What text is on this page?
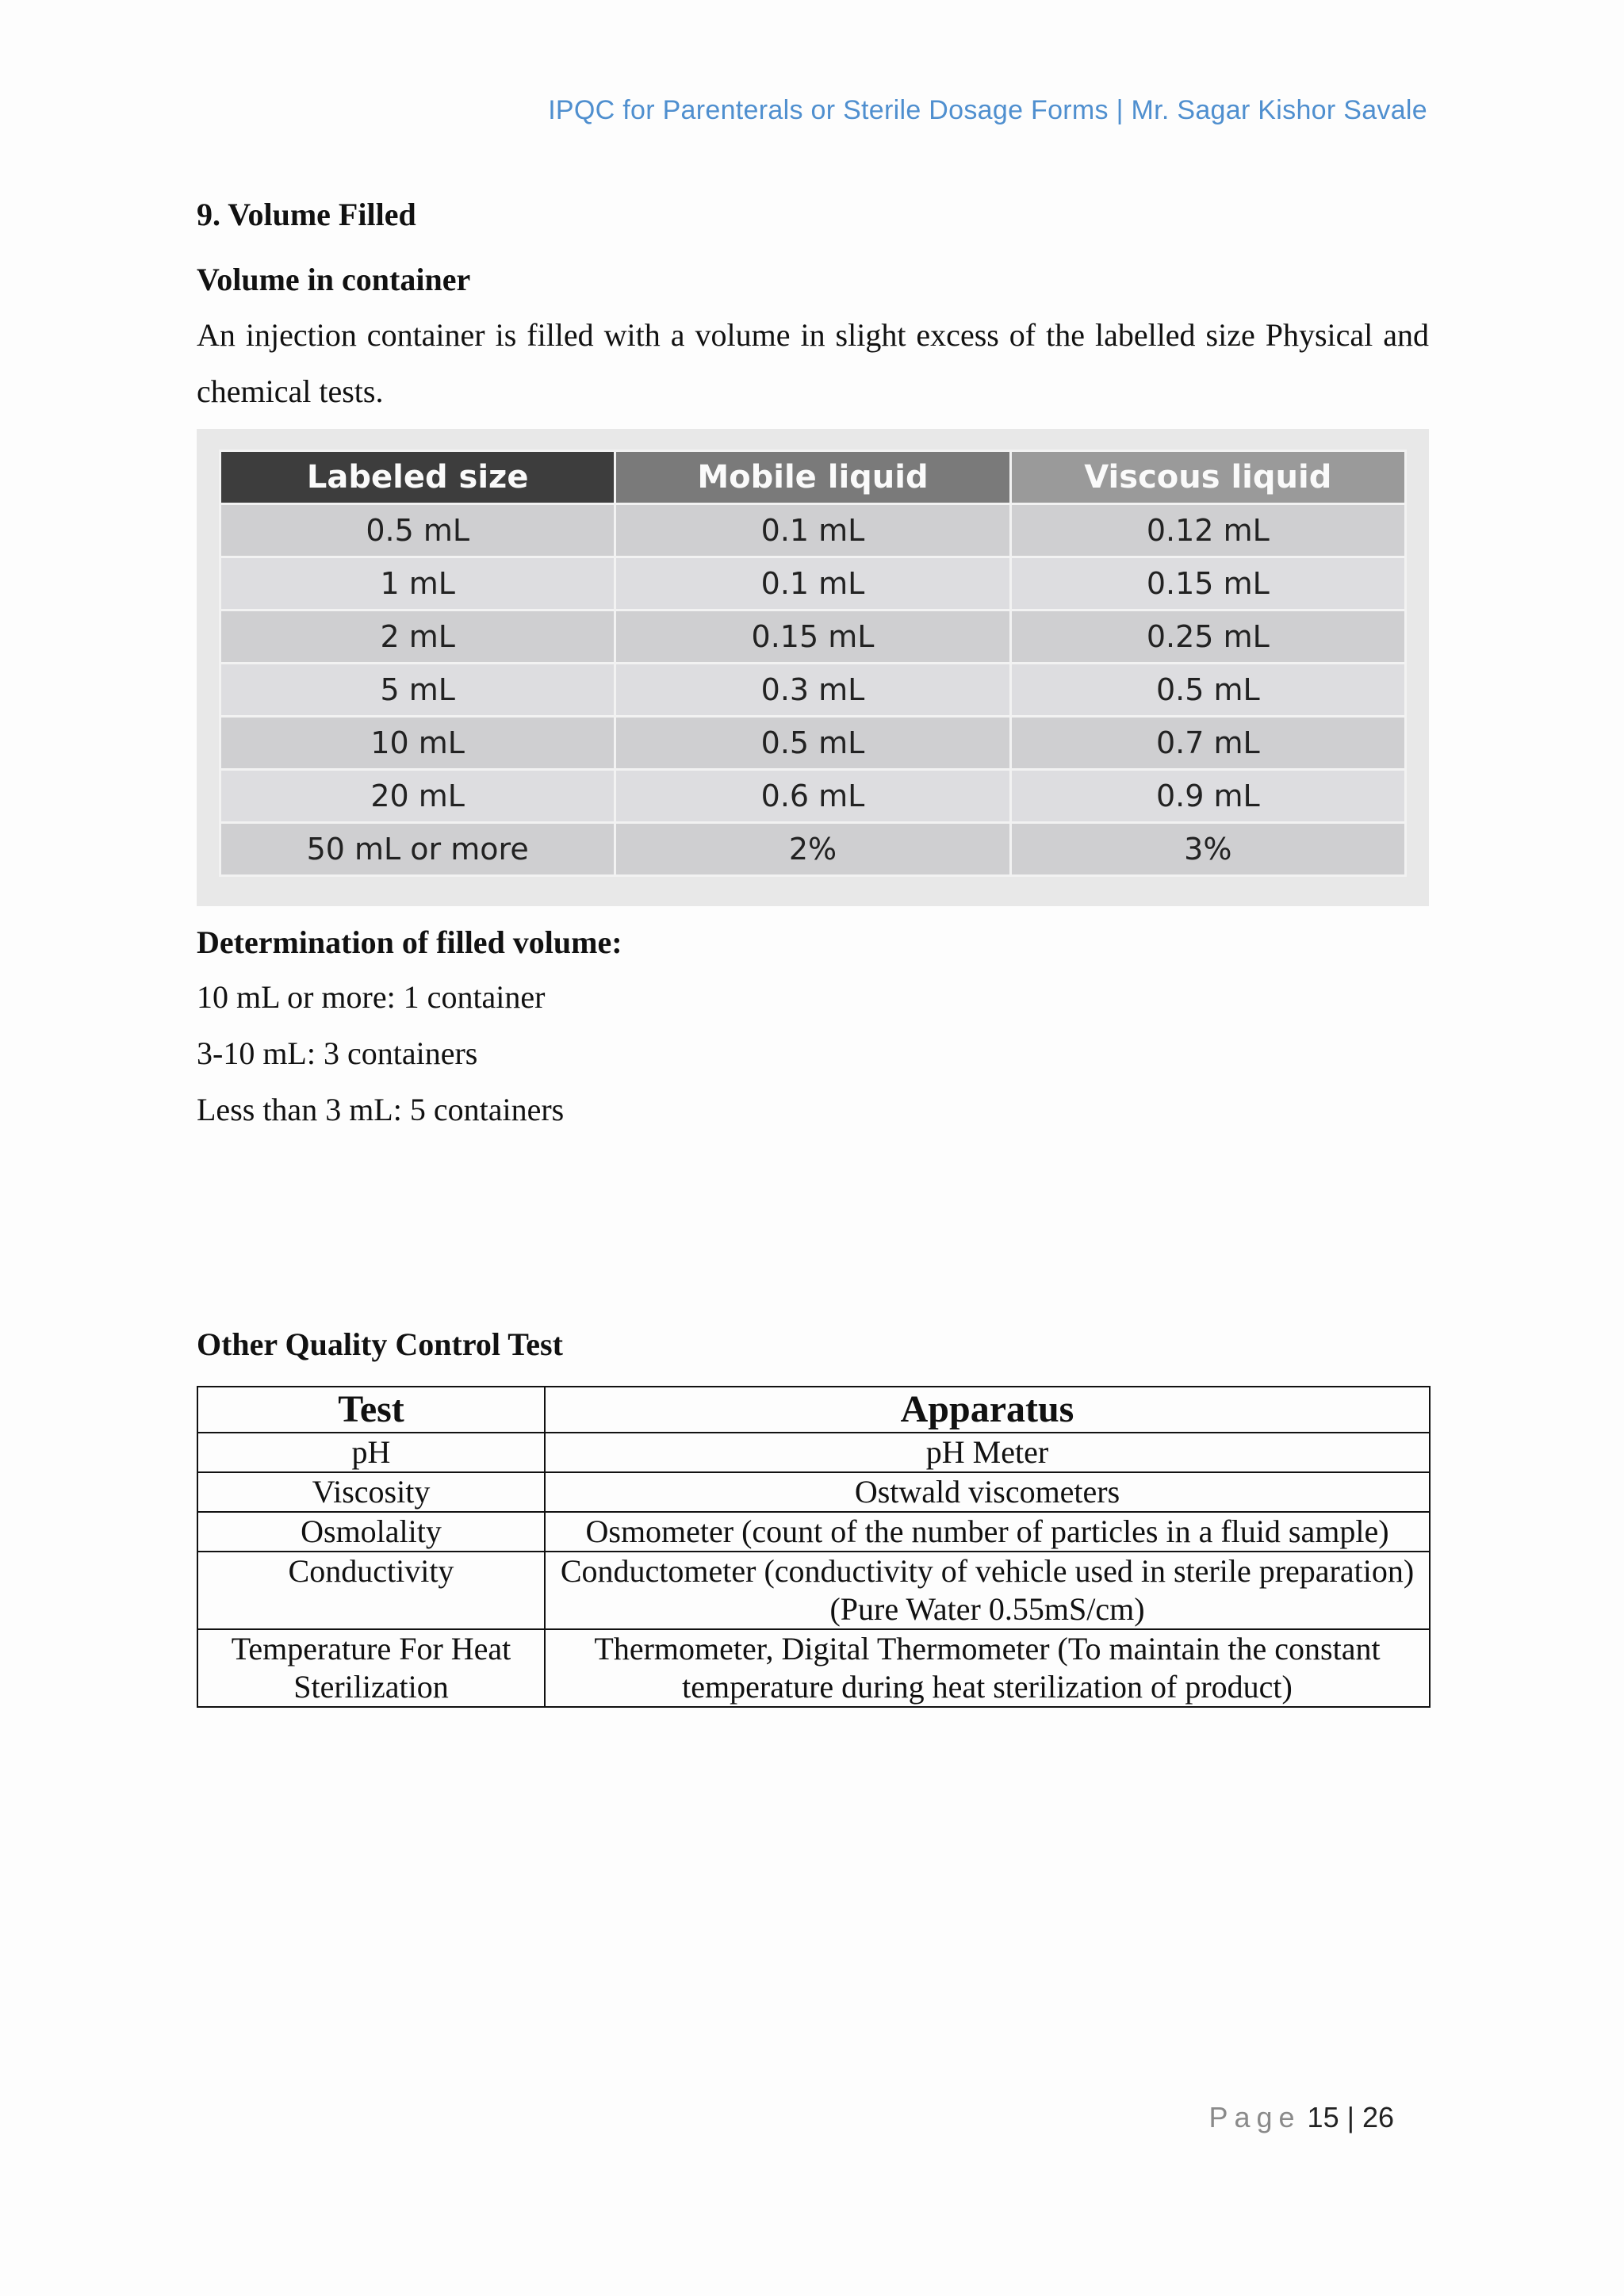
IPQC for Parenterals or Sterile Dosage Forms | Mr. Sagar Kishor Savale

9. Volume Filled

Volume in container

An injection container is filled with a volume in slight excess of the labelled size Physical and chemical tests.

Labeled size	Mobile liquid	Viscous liquid
0.5 mL	0.1 mL	0.12 mL
1 mL	0.1 mL	0.15 mL
2 mL	0.15 mL	0.25 mL
5 mL	0.3 mL	0.5 mL
10 mL	0.5 mL	0.7 mL
20 mL	0.6 mL	0.9 mL
50 mL or more	2%	3%

Determination of filled volume:

10 mL or more: 1 container

3-10 mL: 3 containers

Less than 3 mL: 5 containers

Other Quality Control Test

Test	Apparatus
pH	pH Meter
Viscosity	Ostwald viscometers
Osmolality	Osmometer (count of the number of particles in a fluid sample)
Conductivity	Conductometer (conductivity of vehicle used in sterile preparation) (Pure Water 0.55mS/cm)
Temperature For Heat Sterilization	Thermometer, Digital Thermometer (To maintain the constant temperature during heat sterilization of product)
Page 15 | 26
